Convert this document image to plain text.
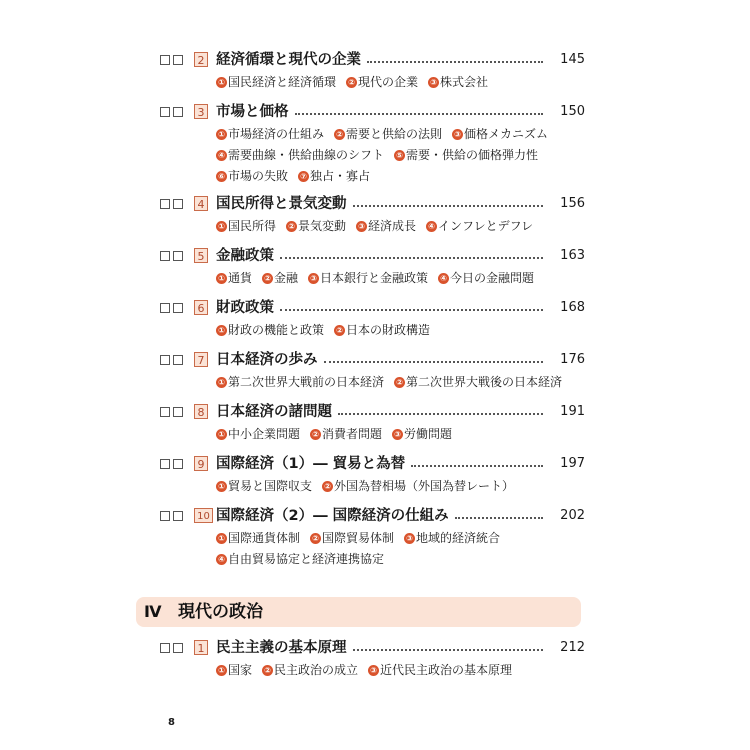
2 経済循環と現代の企業	145
① 国民経済と経済循環 ② 現代の企業 ③ 株式会社
3 市場と価格	150
① 市場経済の仕組み ② 需要と供給の法則 ③ 価格メカニズム
④ 需要曲線・供給曲線のシフト ⑤ 需要・供給の価格弾力性
⑥ 市場の失敗 ⑦ 独占・寡占
4 国民所得と景気変動	156
① 国民所得 ② 景気変動 ③ 経済成長 ④ インフレとデフレ
5 金融政策	163
① 通貨 ② 金融 ③ 日本銀行と金融政策 ④ 今日の金融問題
6 財政政策	168
① 財政の機能と政策 ② 日本の財政構造
7 日本経済の歩み	176
① 第二次世界大戦前の日本経済 ② 第二次世界大戦後の日本経済
8 日本経済の諸問題	191
① 中小企業問題 ② 消費者問題 ③ 労働問題
9 国際経済（1）― 貿易と為替	197
① 貿易と国際収支 ② 外国為替相場（外国為替レート）
10 国際経済（2）― 国際経済の仕組み	202
① 国際通貨体制 ② 国際貿易体制 ③ 地域的経済統合
④ 自由貿易協定と経済連携協定
1 民主主義の基本原理	212
① 国家 ② 民主政治の成立 ③ 近代民主政治の基本原理
Ⅳ 現代の政治
8
